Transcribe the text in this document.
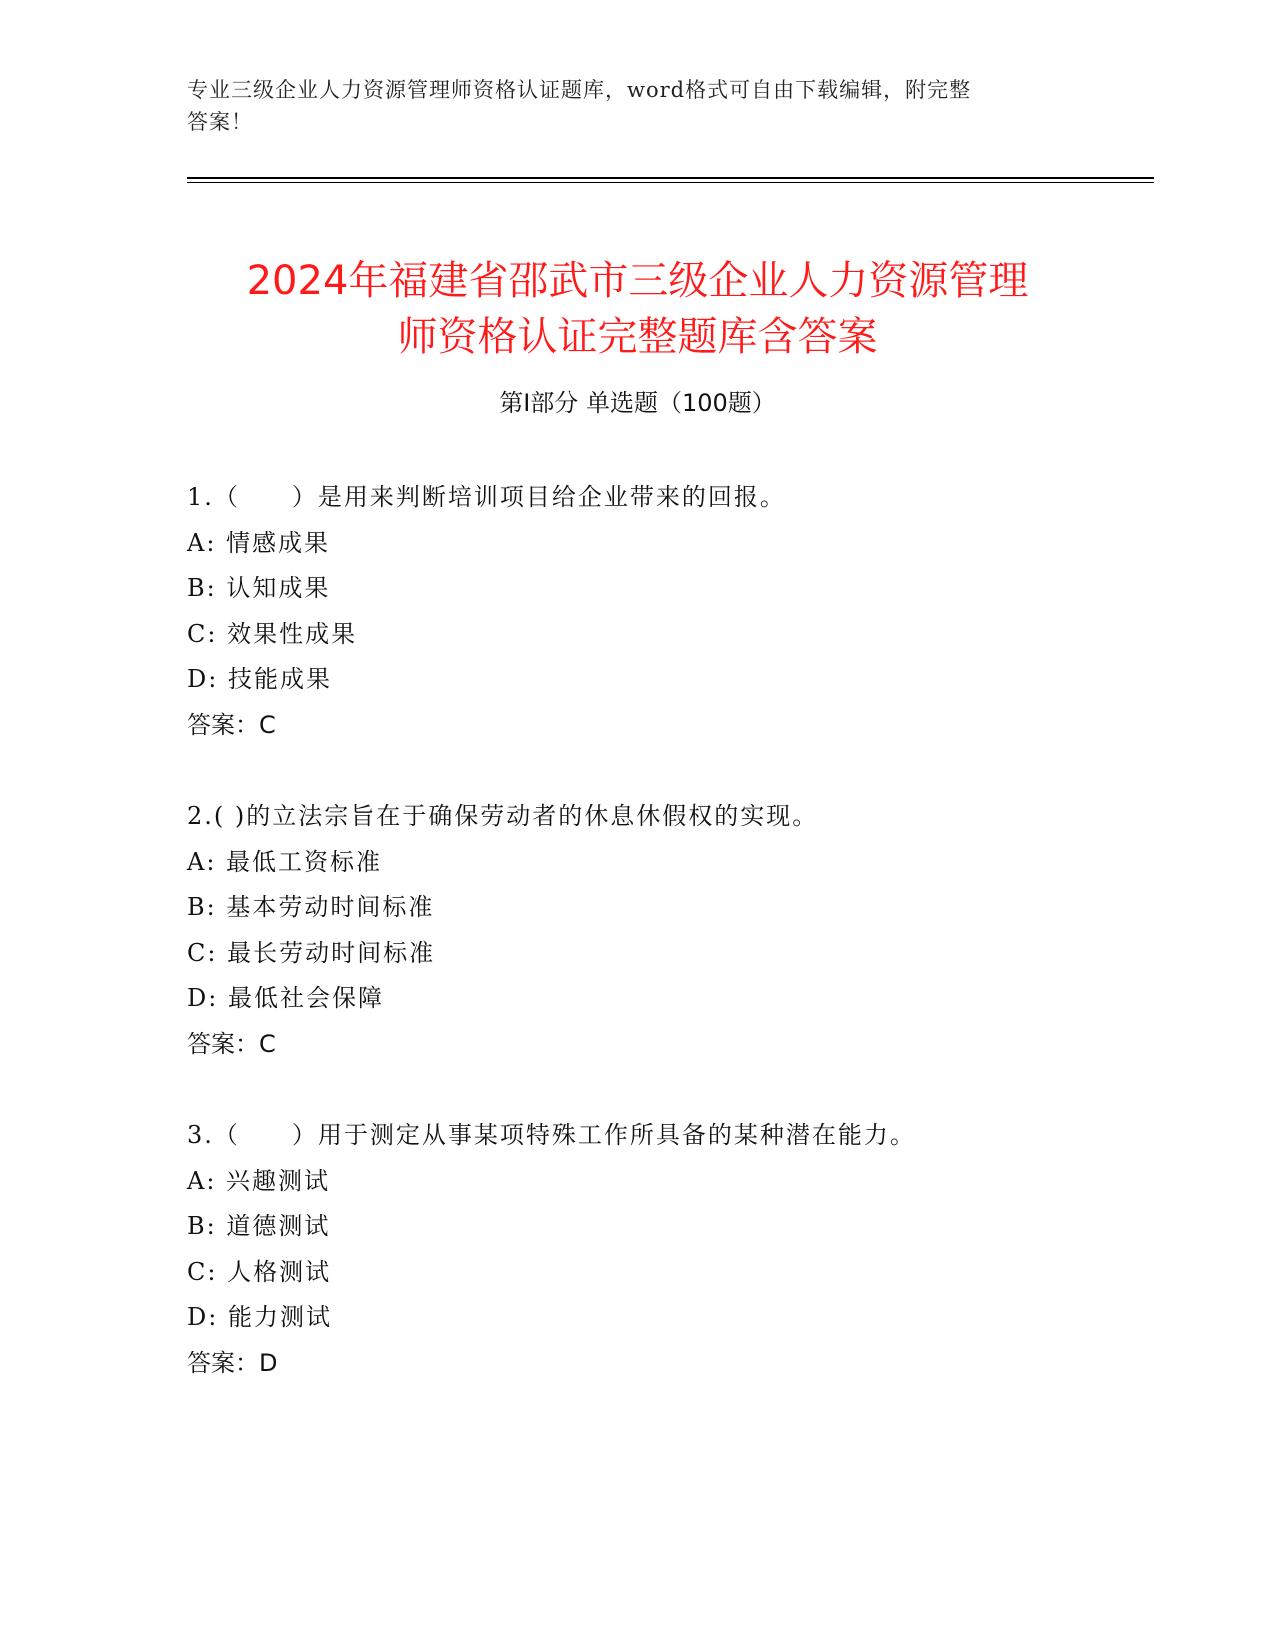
专业三级企业人力资源管理师资格认证题库，word格式可自由下载编辑，附完整
答案！
2024年福建省邵武市三级企业人力资源管理
师资格认证完整题库含答案
第Ⅰ部分 单选题（100题）
1.（　　）是用来判断培训项目给企业带来的回报。
A: 情感成果
B: 认知成果
C: 效果性成果
D: 技能成果
答案：C
2.( )的立法宗旨在于确保劳动者的休息休假权的实现。
A: 最低工资标准
B: 基本劳动时间标准
C: 最长劳动时间标准
D: 最低社会保障
答案：C
3.（　　）用于测定从事某项特殊工作所具备的某种潜在能力。
A: 兴趣测试
B: 道德测试
C: 人格测试
D: 能力测试
答案：D
